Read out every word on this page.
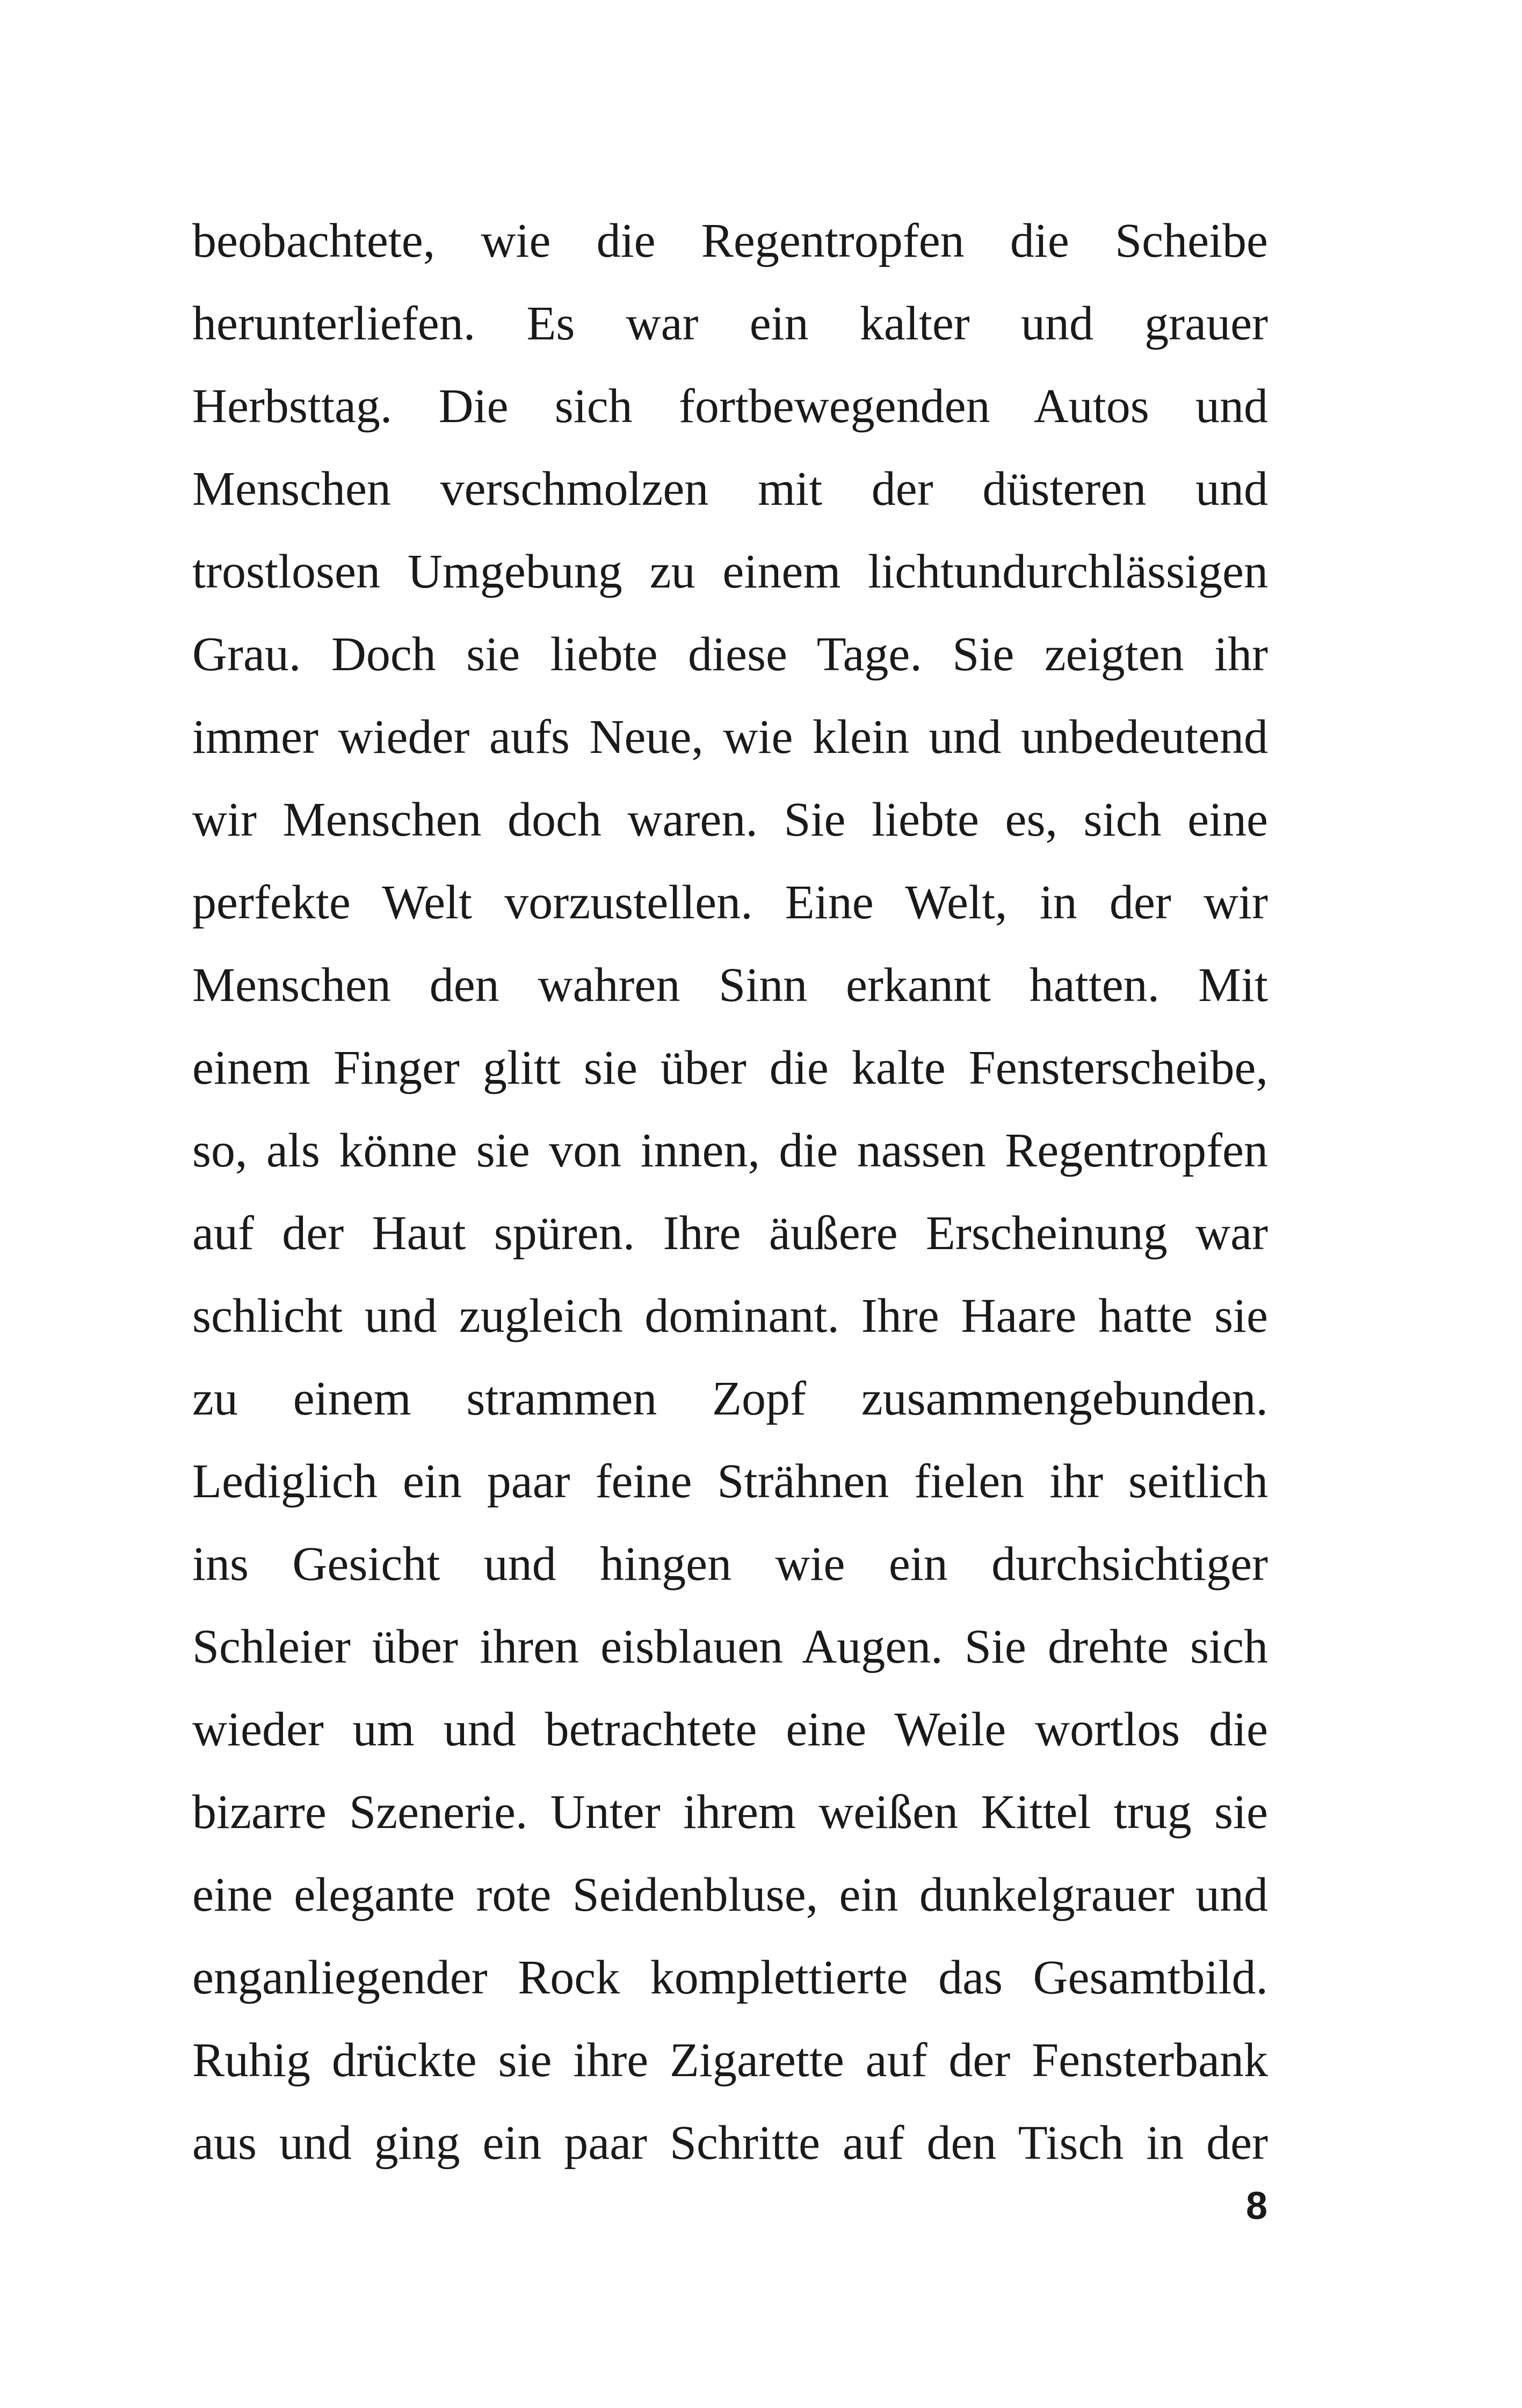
beobachtete, wie die Regentropfen die Scheibe
herunterliefen. Es war ein kalter und grauer
Herbsttag. Die sich fortbewegenden Autos und
Menschen verschmolzen mit der düsteren und
trostlosen Umgebung zu einem lichtundurchlässigen
Grau. Doch sie liebte diese Tage. Sie zeigten ihr
immer wieder aufs Neue, wie klein und unbedeutend
wir Menschen doch waren. Sie liebte es, sich eine
perfekte Welt vorzustellen. Eine Welt, in der wir
Menschen den wahren Sinn erkannt hatten. Mit
einem Finger glitt sie über die kalte Fensterscheibe,
so, als könne sie von innen, die nassen Regentropfen
auf der Haut spüren. Ihre äußere Erscheinung war
schlicht und zugleich dominant. Ihre Haare hatte sie
zu einem strammen Zopf zusammengebunden.
Lediglich ein paar feine Strähnen fielen ihr seitlich
ins Gesicht und hingen wie ein durchsichtiger
Schleier über ihren eisblauen Augen. Sie drehte sich
wieder um und betrachtete eine Weile wortlos die
bizarre Szenerie. Unter ihrem weißen Kittel trug sie
eine elegante rote Seidenbluse, ein dunkelgrauer und
enganliegender Rock komplettierte das Gesamtbild.
Ruhig drückte sie ihre Zigarette auf der Fensterbank
aus und ging ein paar Schritte auf den Tisch in der
8
